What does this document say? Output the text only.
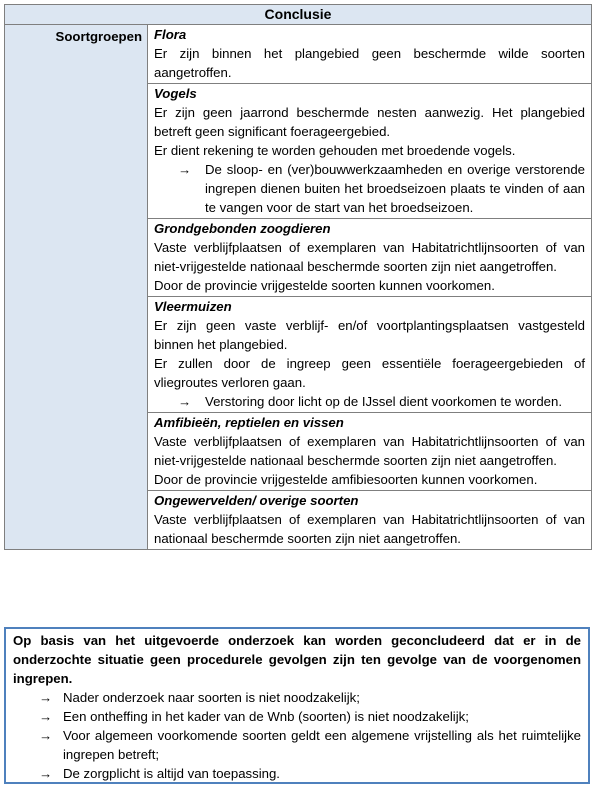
Conclusie
Soortgroepen Flora

Er zijn binnen het plangebied geen beschermde wilde soorten aangetroffen.

Vogels

Er zijn geen jaarrond beschermde nesten aanwezig. Het plangebied betreft geen significant foerageergebied.

Er dient rekening te worden gehouden met broedende vogels.

→	De sloop- en (ver)bouwwerkzaamheden en overige verstorende ingrepen dienen buiten het broedseizoen plaats te vinden of aan te vangen voor de start van het broedseizoen.
Grondgebonden zoogdieren

Vaste verblijfplaatsen of exemplaren van Habitatrichtlijnsoorten of van niet-vrijgestelde nationaal beschermde soorten zijn niet aangetroffen.

Door de provincie vrijgestelde soorten kunnen voorkomen.

Vleermuizen

Er zijn geen vaste verblijf- en/of voortplantingsplaatsen vastgesteld binnen het plangebied.

Er zullen door de ingreep geen essentiële foerageergebieden of vliegroutes verloren gaan.

→	Verstoring door licht op de IJssel dient voorkomen te worden.
Amfibieën, reptielen en vissen

Vaste verblijfplaatsen of exemplaren van Habitatrichtlijnsoorten of van niet-vrijgestelde nationaal beschermde soorten zijn niet aangetroffen.

Door de provincie vrijgestelde amfibiesoorten kunnen voorkomen.

Ongewervelden/ overige soorten

Vaste verblijfplaatsen of exemplaren van Habitatrichtlijnsoorten of van nationaal beschermde soorten zijn niet aangetroffen.

Op basis van het uitgevoerde onderzoek kan worden geconcludeerd dat er in de onderzochte situatie geen procedurele gevolgen zijn ten gevolge van de voorgenomen ingrepen.

→ Nader onderzoek naar soorten is niet noodzakelijk;
→ Een ontheffing in het kader van de Wnb (soorten) is niet noodzakelijk;
→ Voor algemeen voorkomende soorten geldt een algemene vrijstelling als het ruimtelijke ingrepen betreft;
→ De zorgplicht is altijd van toepassing.
